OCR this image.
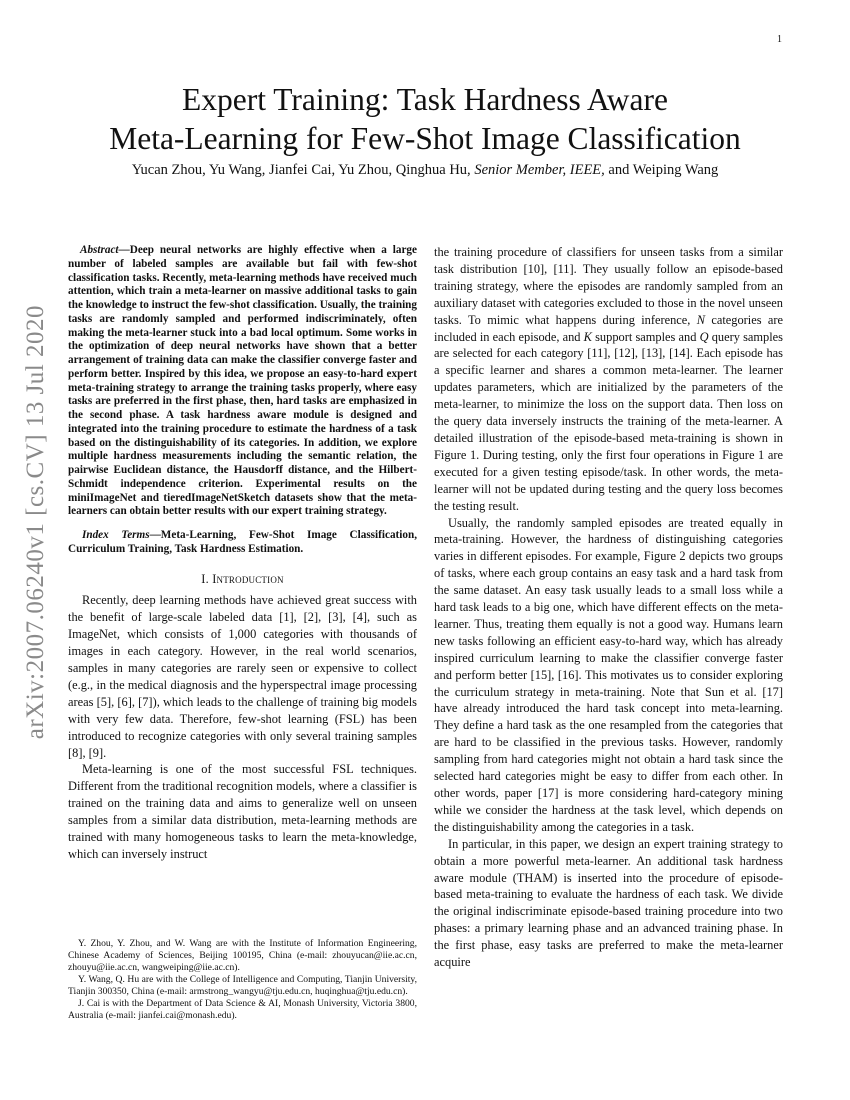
1
arXiv:2007.06240v1 [cs.CV] 13 Jul 2020
Expert Training: Task Hardness Aware
Meta-Learning for Few-Shot Image Classification
Yucan Zhou, Yu Wang, Jianfei Cai, Yu Zhou, Qinghua Hu, Senior Member, IEEE, and Weiping Wang

Abstract—Deep neural networks are highly effective when a large number of labeled samples are available but fail with few-shot classification tasks. Recently, meta-learning methods have received much attention, which train a meta-learner on massive additional tasks to gain the knowledge to instruct the few-shot classification. Usually, the training tasks are randomly sampled and performed indiscriminately, often making the meta-learner stuck into a bad local optimum. Some works in the optimization of deep neural networks have shown that a better arrangement of training data can make the classifier converge faster and perform better. Inspired by this idea, we propose an easy-to-hard expert meta-training strategy to arrange the training tasks properly, where easy tasks are preferred in the first phase, then, hard tasks are emphasized in the second phase. A task hardness aware module is designed and integrated into the training procedure to estimate the hardness of a task based on the distinguishability of its categories. In addition, we explore multiple hardness measurements including the semantic relation, the pairwise Euclidean distance, the Hausdorff distance, and the Hilbert-Schmidt independence criterion. Experimental results on the miniImageNet and tieredImageNetSketch datasets show that the meta-learners can obtain better results with our expert training strategy.

Index Terms—Meta-Learning, Few-Shot Image Classification, Curriculum Training, Task Hardness Estimation.

I. Introduction

Recently, deep learning methods have achieved great success with the benefit of large-scale labeled data [1], [2], [3], [4], such as ImageNet, which consists of 1,000 categories with thousands of images in each category. However, in the real world scenarios, samples in many categories are rarely seen or expensive to collect (e.g., in the medical diagnosis and the hyperspectral image processing areas [5], [6], [7]), which leads to the challenge of training big models with very few data. Therefore, few-shot learning (FSL) has been introduced to recognize categories with only several training samples [8], [9].

Meta-learning is one of the most successful FSL techniques. Different from the traditional recognition models, where a classifier is trained on the training data and aims to generalize well on unseen samples from a similar data distribution, meta-learning methods are trained with many homogeneous tasks to learn the meta-knowledge, which can inversely instruct

the training procedure of classifiers for unseen tasks from a similar task distribution [10], [11]. They usually follow an episode-based training strategy, where the episodes are randomly sampled from an auxiliary dataset with categories excluded to those in the novel unseen tasks. To mimic what happens during inference, N categories are included in each episode, and K support samples and Q query samples are selected for each category [11], [12], [13], [14]. Each episode has a specific learner and shares a common meta-learner. The learner updates parameters, which are initialized by the parameters of the meta-learner, to minimize the loss on the support data. Then loss on the query data inversely instructs the training of the meta-learner. A detailed illustration of the episode-based meta-training is shown in Figure 1. During testing, only the first four operations in Figure 1 are executed for a given testing episode/task. In other words, the meta-learner will not be updated during testing and the query loss becomes the testing result.

Usually, the randomly sampled episodes are treated equally in meta-training. However, the hardness of distinguishing categories varies in different episodes. For example, Figure 2 depicts two groups of tasks, where each group contains an easy task and a hard task from the same dataset. An easy task usually leads to a small loss while a hard task leads to a big one, which have different effects on the meta-learner. Thus, treating them equally is not a good way. Humans learn new tasks following an efficient easy-to-hard way, which has already inspired curriculum learning to make the classifier converge faster and perform better [15], [16]. This motivates us to consider exploring the curriculum strategy in meta-training. Note that Sun et al. [17] have already introduced the hard task concept into meta-learning. They define a hard task as the one resampled from the categories that are hard to be classified in the previous tasks. However, randomly sampling from hard categories might not obtain a hard task since the selected hard categories might be easy to differ from each other. In other words, paper [17] is more considering hard-category mining while we consider the hardness at the task level, which depends on the distinguishability among the categories in a task.

In particular, in this paper, we design an expert training strategy to obtain a more powerful meta-learner. An additional task hardness aware module (THAM) is inserted into the procedure of episode-based meta-training to evaluate the hardness of each task. We divide the original indiscriminate episode-based training procedure into two phases: a primary learning phase and an advanced training phase. In the first phase, easy tasks are preferred to make the meta-learner acquire

Y. Zhou, Y. Zhou, and W. Wang are with the Institute of Information Engineering, Chinese Academy of Sciences, Beijing 100195, China (e-mail: zhouyucan@iie.ac.cn, zhouyu@iie.ac.cn, wangweiping@iie.ac.cn).

Y. Wang, Q. Hu are with the College of Intelligence and Computing, Tianjin University, Tianjin 300350, China (e-mail: armstrong_wangyu@tju.edu.cn, huqinghua@tju.edu.cn).

J. Cai is with the Department of Data Science & AI, Monash University, Victoria 3800, Australia (e-mail: jianfei.cai@monash.edu).
